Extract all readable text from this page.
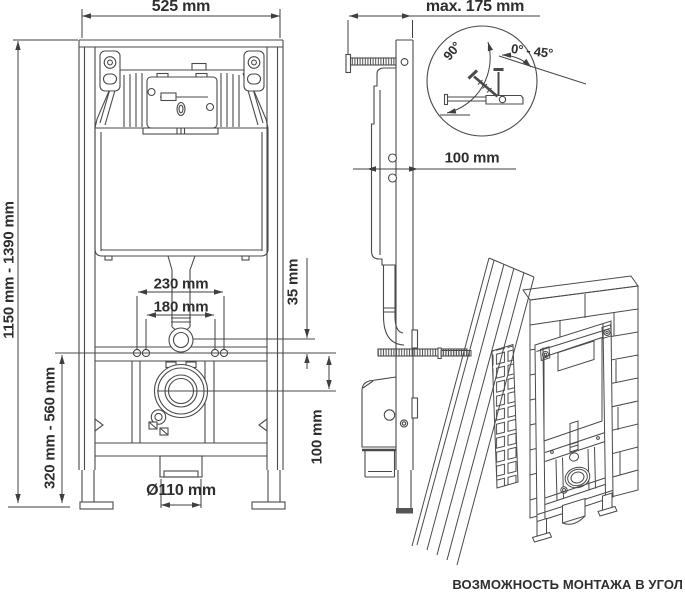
525 mm	max. 175 mm
1150 mm - 1390 mm
320 mm - 560 mm
230 mm
180 mm
35 mm
100 mm
Ø110 mm
100 mm
90°	0° - 45°
ВОЗМОЖНОСТЬ МОНТАЖА В УГОЛ
